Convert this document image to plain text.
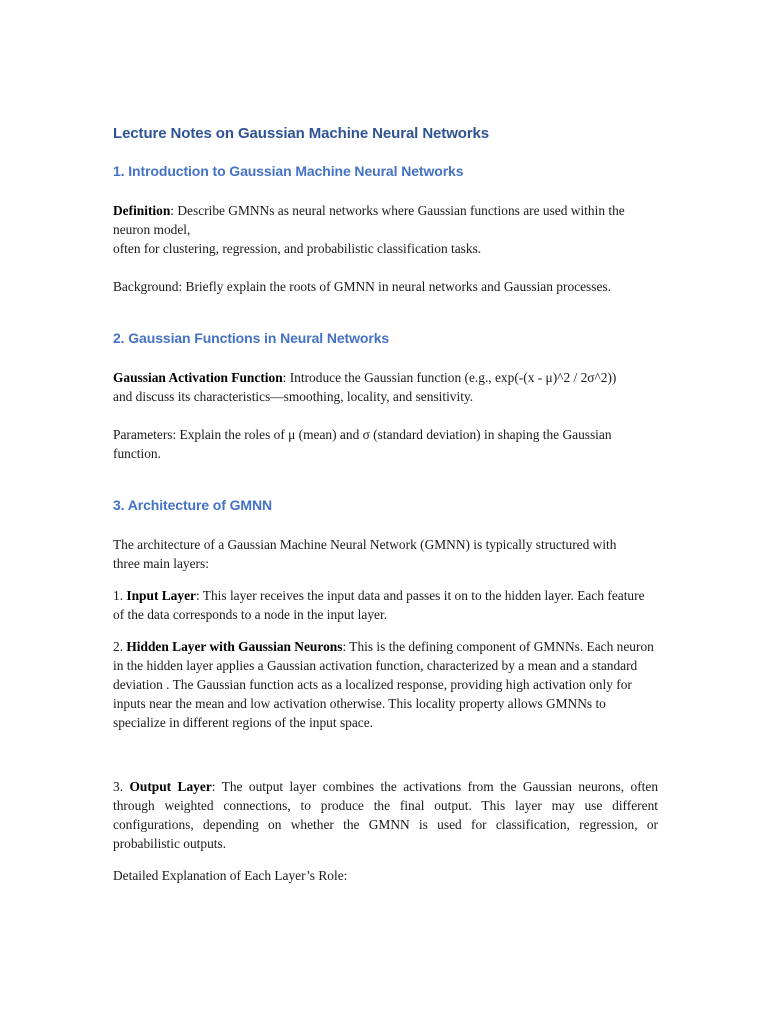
Lecture Notes on Gaussian Machine Neural Networks
1. Introduction to Gaussian Machine Neural Networks

Definition: Describe GMNNs as neural networks where Gaussian functions are used within the neuron model,
often for clustering, regression, and probabilistic classification tasks.

Background: Briefly explain the roots of GMNN in neural networks and Gaussian processes.

2. Gaussian Functions in Neural Networks

Gaussian Activation Function: Introduce the Gaussian function (e.g., exp(-(x - μ)^2 / 2σ^2)) and discuss its characteristics—smoothing, locality, and sensitivity.

Parameters: Explain the roles of μ (mean) and σ (standard deviation) in shaping the Gaussian function.

3. Architecture of GMNN

The architecture of a Gaussian Machine Neural Network (GMNN) is typically structured with three main layers:

1. Input Layer: This layer receives the input data and passes it on to the hidden layer. Each feature of the data corresponds to a node in the input layer.

2. Hidden Layer with Gaussian Neurons: This is the defining component of GMNNs. Each neuron in the hidden layer applies a Gaussian activation function, characterized by a mean and a standard deviation . The Gaussian function acts as a localized response, providing high activation only for inputs near the mean and low activation otherwise. This locality property allows GMNNs to specialize in different regions of the input space.

3. Output Layer: The output layer combines the activations from the Gaussian neurons, often through weighted connections, to produce the final output. This layer may use different configurations, depending on whether the GMNN is used for classification, regression, or probabilistic outputs.

Detailed Explanation of Each Layer’s Role:
